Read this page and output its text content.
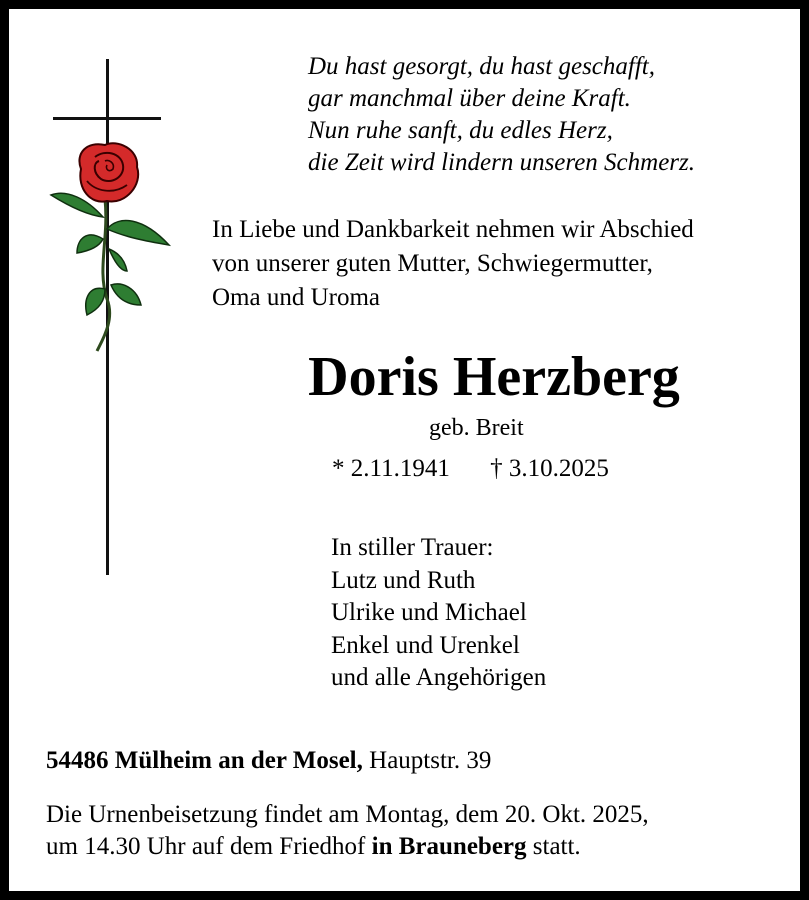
Du hast gesorgt, du hast geschafft,
gar manchmal über deine Kraft.
Nun ruhe sanft, du edles Herz,
die Zeit wird lindern unseren Schmerz.
In Liebe und Dankbarkeit nehmen wir Abschied
von unserer guten Mutter, Schwiegermutter,
Oma und Uroma
Doris Herzberg
geb. Breit
* 2.11.1941 † 3.10.2025
In stiller Trauer:
Lutz und Ruth
Ulrike und Michael
Enkel und Urenkel
und alle Angehörigen
54486 Mülheim an der Mosel, Hauptstr. 39
Die Urnenbeisetzung findet am Montag, dem 20. Okt. 2025,
um 14.30 Uhr auf dem Friedhof in Brauneberg statt.
